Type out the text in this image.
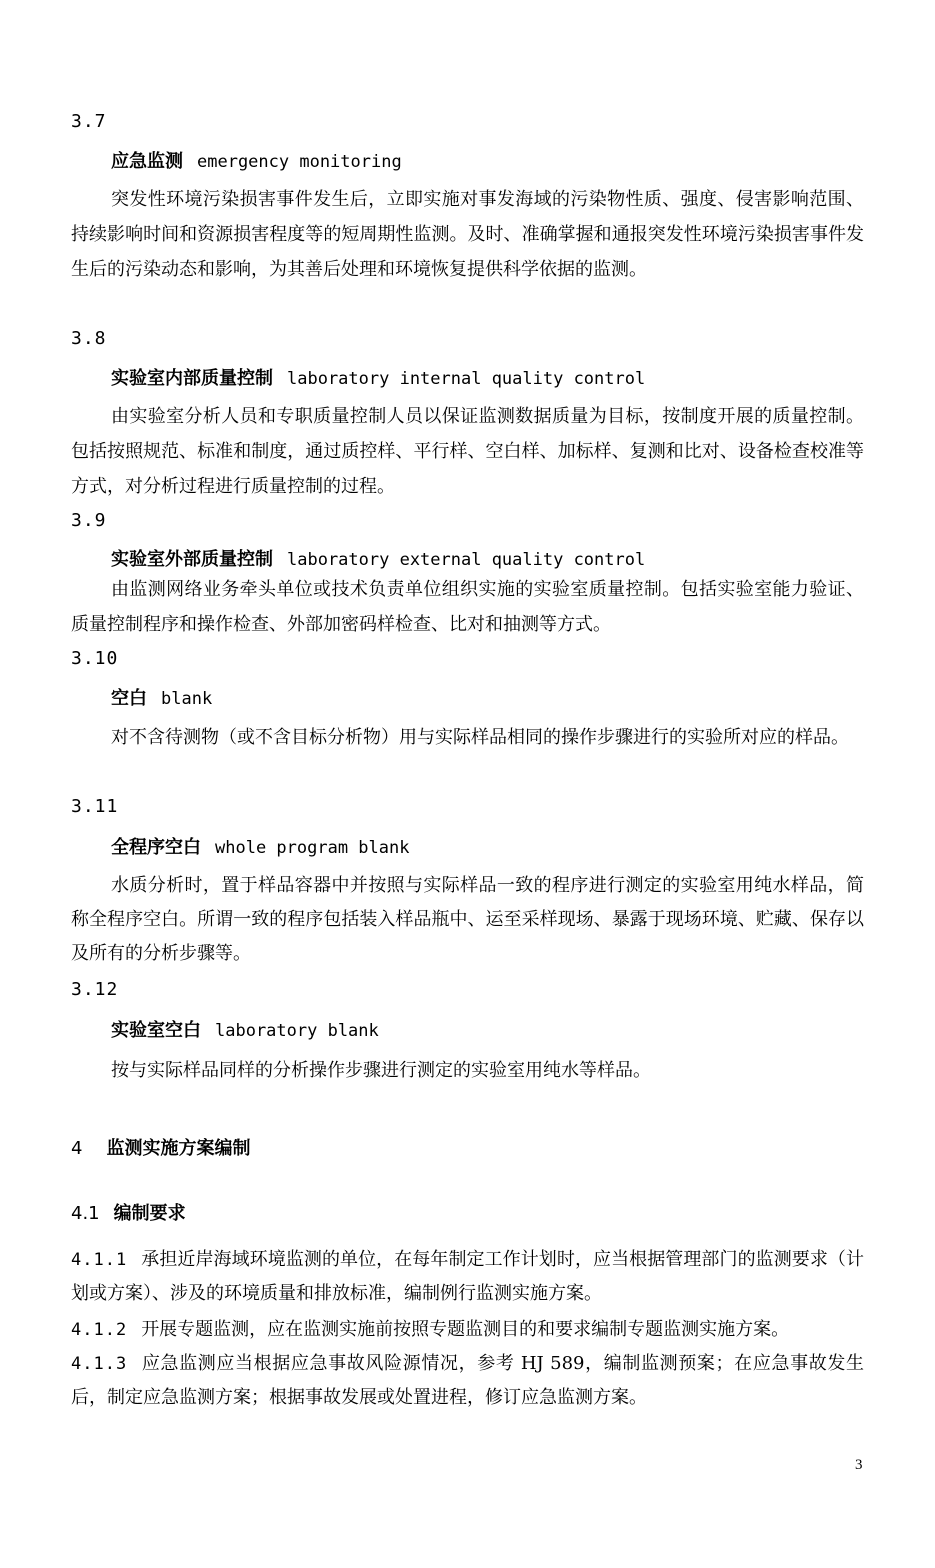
3.7
应急监测 emergency monitoring
突发性环境污染损害事件发生后，立即实施对事发海域的污染物性质、强度、侵害影响范围、持续影响时间和资源损害程度等的短周期性监测。及时、准确掌握和通报突发性环境污染损害事件发生后的污染动态和影响，为其善后处理和环境恢复提供科学依据的监测。
3.8
实验室内部质量控制 laboratory internal quality control
由实验室分析人员和专职质量控制人员以保证监测数据质量为目标，按制度开展的质量控制。包括按照规范、标准和制度，通过质控样、平行样、空白样、加标样、复测和比对、设备检查校准等方式，对分析过程进行质量控制的过程。
3.9
实验室外部质量控制 laboratory external quality control
由监测网络业务牵头单位或技术负责单位组织实施的实验室质量控制。包括实验室能力验证、质量控制程序和操作检查、外部加密码样检查、比对和抽测等方式。
3.10
空白 blank
对不含待测物（或不含目标分析物）用与实际样品相同的操作步骤进行的实验所对应的样品。
3.11
全程序空白 whole program blank
水质分析时，置于样品容器中并按照与实际样品一致的程序进行测定的实验室用纯水样品，简称全程序空白。所谓一致的程序包括装入样品瓶中、运至采样现场、暴露于现场环境、贮藏、保存以及所有的分析步骤等。
3.12
实验室空白 laboratory blank
按与实际样品同样的分析操作步骤进行测定的实验室用纯水等样品。
4 监测实施方案编制
4.1 编制要求
4.1.1 承担近岸海域环境监测的单位，在每年制定工作计划时，应当根据管理部门的监测要求（计划或方案）、涉及的环境质量和排放标准，编制例行监测实施方案。
4.1.2 开展专题监测，应在监测实施前按照专题监测目的和要求编制专题监测实施方案。
4.1.3 应急监测应当根据应急事故风险源情况，参考 HJ 589，编制监测预案；在应急事故发生后，制定应急监测方案；根据事故发展或处置进程，修订应急监测方案。
3
